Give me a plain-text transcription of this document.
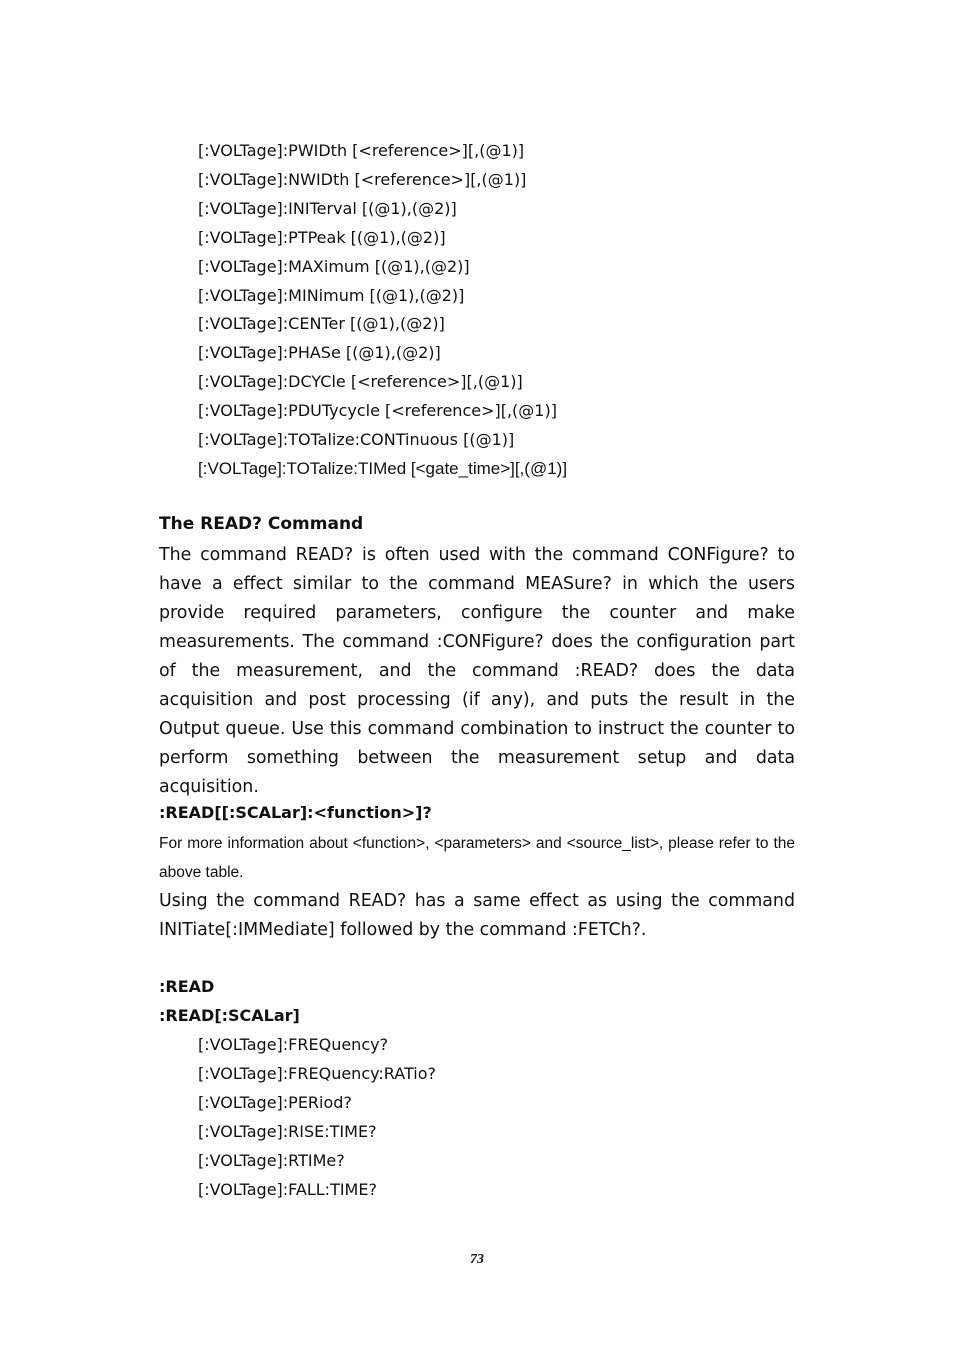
[:VOLTage]:PWIDth [<reference>][,(@1)]
[:VOLTage]:NWIDth [<reference>][,(@1)]
[:VOLTage]:INITerval [(@1),(@2)]
[:VOLTage]:PTPeak [(@1),(@2)]
[:VOLTage]:MAXimum [(@1),(@2)]
[:VOLTage]:MINimum [(@1),(@2)]
[:VOLTage]:CENTer [(@1),(@2)]
[:VOLTage]:PHASe [(@1),(@2)]
[:VOLTage]:DCYCle [<reference>][,(@1)]
[:VOLTage]:PDUTycycle [<reference>][,(@1)]
[:VOLTage]:TOTalize:CONTinuous [(@1)]
[:VOLTage]:TOTalize:TIMed [<gate_time>][,(@1)]
The READ? Command

The command READ? is often used with the command CONFigure? to have a effect similar to the command MEASure? in which the users provide required parameters, configure the counter and make measurements. The command :CONFigure? does the configuration part of the measurement, and the command :READ? does the data acquisition and post processing (if any), and puts the result in the Output queue. Use this command combination to instruct the counter to perform something between the measurement setup and data acquisition.

:READ[[:SCALar]:<function>]?

For more information about <function>, <parameters> and <source_list>, please refer to the above table.

Using the command READ? has a same effect as using the command INITiate[:IMMediate] followed by the command :FETCh?.

:READ
:READ[:SCALar]
[:VOLTage]:FREQuency?
[:VOLTage]:FREQuency:RATio?
[:VOLTage]:PERiod?
[:VOLTage]:RISE:TIME?
[:VOLTage]:RTIMe?
[:VOLTage]:FALL:TIME?
73
